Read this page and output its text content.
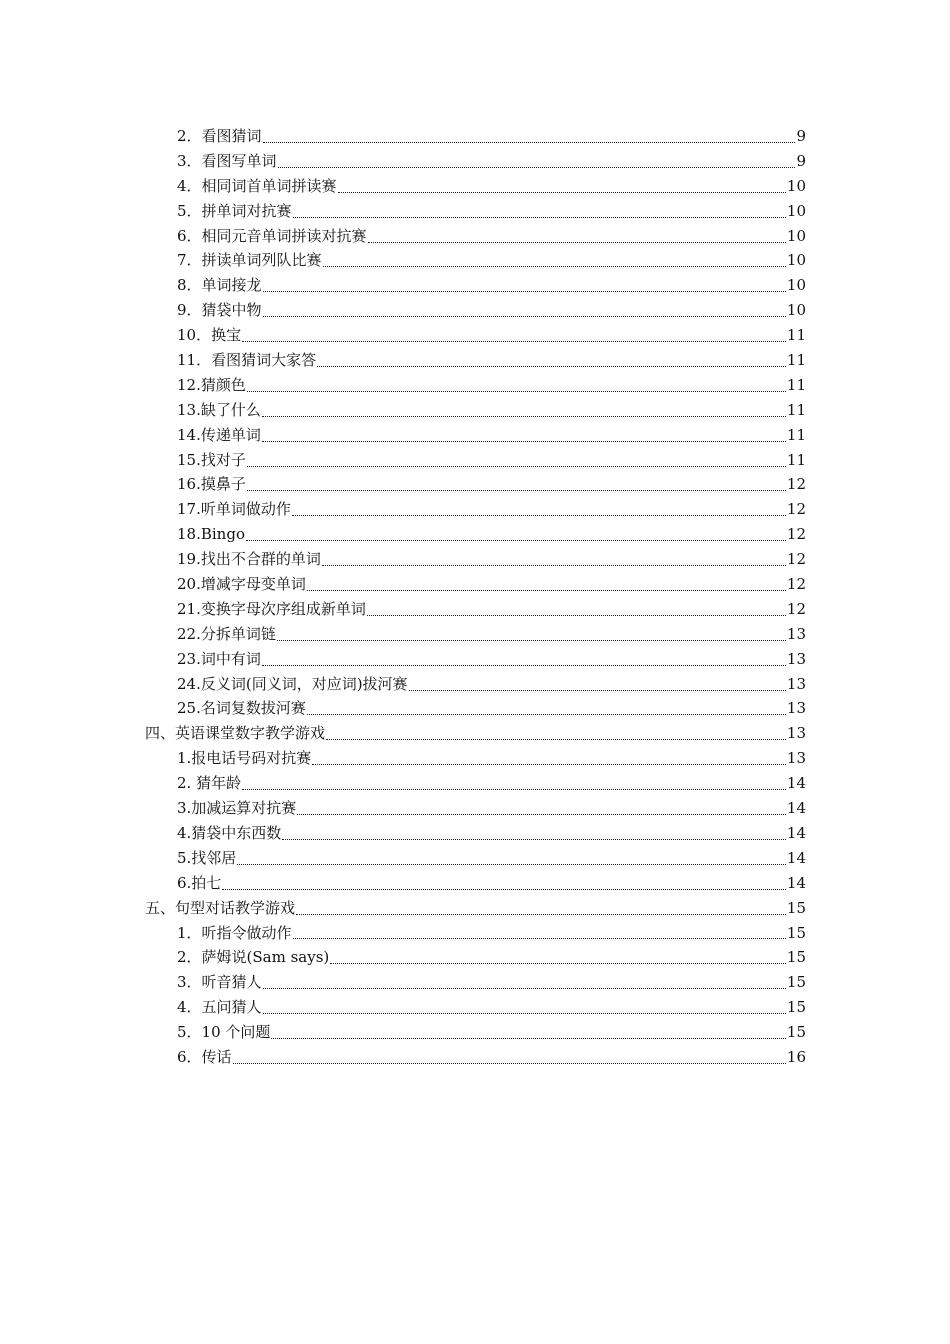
2．看图猜词	9
3．看图写单词	9
4．相同词首单词拼读赛	10
5．拼单词对抗赛	10
6．相同元音单词拼读对抗赛	10
7．拼读单词列队比赛	10
8．单词接龙	10
9．猜袋中物	10
10．换宝	11
11．看图猜词大家答	11
12.猜颜色	11
13.缺了什么	11
14.传递单词	11
15.找对子	11
16.摸鼻子	12
17.听单词做动作	12
18.Bingo	12
19.找出不合群的单词	12
20.增减字母变单词	12
21.变换字母次序组成新单词	12
22.分拆单词链	13
23.词中有词	13
24.反义词(同义词，对应词)拔河赛	13
25.名词复数拔河赛	13
四、英语课堂数字教学游戏	13
1.报电话号码对抗赛	13
2. 猜年龄	14
3.加减运算对抗赛	14
4.猜袋中东西数	14
5.找邻居	14
6.拍七	14
五、句型对话教学游戏	15
1．听指令做动作	15
2．萨姆说(Sam says)	15
3．听音猜人	15
4．五问猜人	15
5．10 个问题	15
6．传话	16
